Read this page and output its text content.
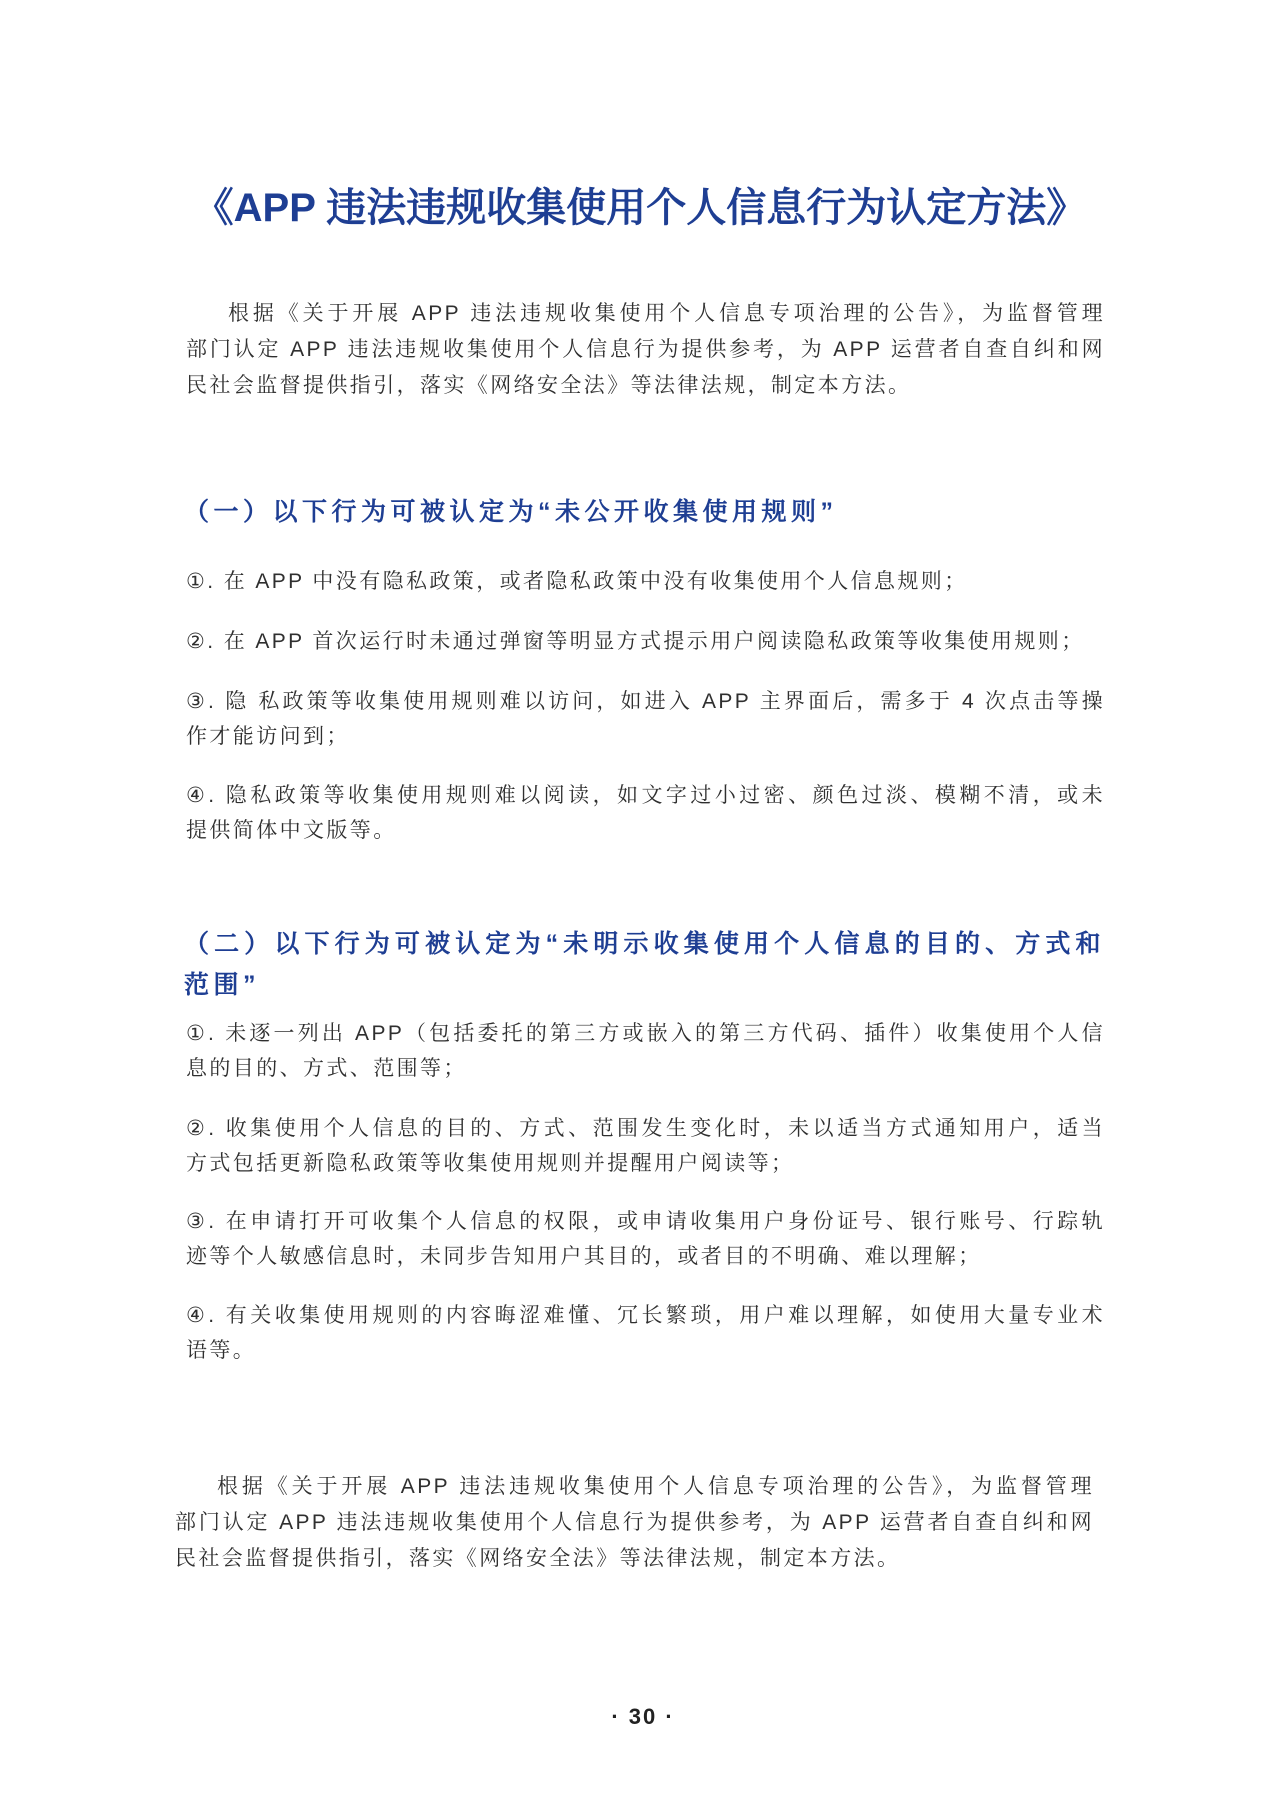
《APP 违法违规收集使用个人信息行为认定方法》
根据《关于开展 APP 违法违规收集使用个人信息专项治理的公告》，为监督管理
部门认定 APP 违法违规收集使用个人信息行为提供参考，为 APP 运营者自查自纠和网
民社会监督提供指引，落实《网络安全法》等法律法规，制定本方法。
（一）以下行为可被认定为“未公开收集使用规则”
①. 在 APP 中没有隐私政策，或者隐私政策中没有收集使用个人信息规则；
②. 在 APP 首次运行时未通过弹窗等明显方式提示用户阅读隐私政策等收集使用规则；
③. 隐 私政策等收集使用规则难以访问，如进入 APP 主界面后，需多于 4 次点击等操
作才能访问到；
④. 隐私政策等收集使用规则难以阅读，如文字过小过密、颜色过淡、模糊不清，或未
提供简体中文版等。
（二）以下行为可被认定为“未明示收集使用个人信息的目的、方式和
范围”
①. 未逐一列出 APP（包括委托的第三方或嵌入的第三方代码、插件）收集使用个人信
息的目的、方式、范围等；
②. 收集使用个人信息的目的、方式、范围发生变化时，未以适当方式通知用户，适当
方式包括更新隐私政策等收集使用规则并提醒用户阅读等；
③. 在申请打开可收集个人信息的权限，或申请收集用户身份证号、银行账号、行踪轨
迹等个人敏感信息时，未同步告知用户其目的，或者目的不明确、难以理解；
④. 有关收集使用规则的内容晦涩难懂、冗长繁琐，用户难以理解，如使用大量专业术
语等。
根据《关于开展 APP 违法违规收集使用个人信息专项治理的公告》，为监督管理
部门认定 APP 违法违规收集使用个人信息行为提供参考，为 APP 运营者自查自纠和网
民社会监督提供指引，落实《网络安全法》等法律法规，制定本方法。
· 30 ·
